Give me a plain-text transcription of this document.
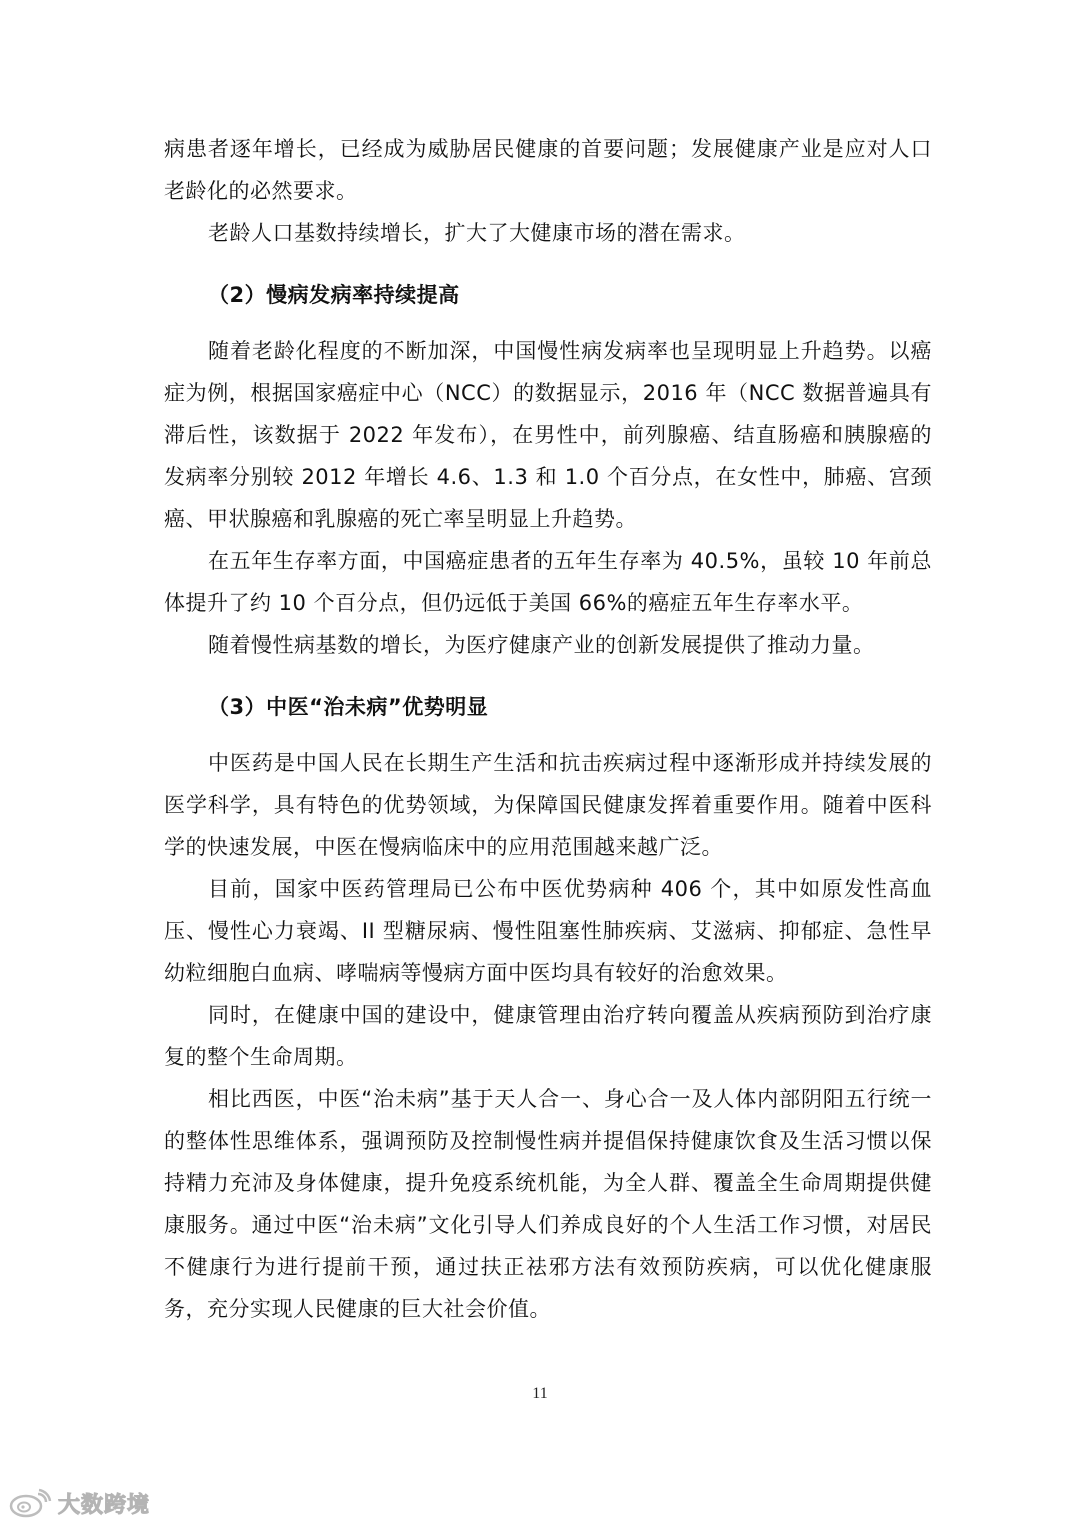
病患者逐年增长，已经成为威胁居民健康的首要问题；发展健康产业是应对人口老龄化的必然要求。

老龄人口基数持续增长，扩大了大健康市场的潜在需求。

（2）慢病发病率持续提高

随着老龄化程度的不断加深，中国慢性病发病率也呈现明显上升趋势。以癌症为例，根据国家癌症中心（NCC）的数据显示，2016 年（NCC 数据普遍具有滞后性，该数据于 2022 年发布），在男性中，前列腺癌、结直肠癌和胰腺癌的发病率分别较 2012 年增长 4.6、1.3 和 1.0 个百分点，在女性中，肺癌、宫颈癌、甲状腺癌和乳腺癌的死亡率呈明显上升趋势。

在五年生存率方面，中国癌症患者的五年生存率为 40.5%，虽较 10 年前总体提升了约 10 个百分点，但仍远低于美国 66%的癌症五年生存率水平。

随着慢性病基数的增长，为医疗健康产业的创新发展提供了推动力量。

（3）中医“治未病”优势明显

中医药是中国人民在长期生产生活和抗击疾病过程中逐渐形成并持续发展的医学科学，具有特色的优势领域，为保障国民健康发挥着重要作用。随着中医科学的快速发展，中医在慢病临床中的应用范围越来越广泛。

目前，国家中医药管理局已公布中医优势病种 406 个，其中如原发性高血压、慢性心力衰竭、II 型糖尿病、慢性阻塞性肺疾病、艾滋病、抑郁症、急性早幼粒细胞白血病、哮喘病等慢病方面中医均具有较好的治愈效果。

同时，在健康中国的建设中，健康管理由治疗转向覆盖从疾病预防到治疗康复的整个生命周期。

相比西医，中医“治未病”基于天人合一、身心合一及人体内部阴阳五行统一的整体性思维体系，强调预防及控制慢性病并提倡保持健康饮食及生活习惯以保持精力充沛及身体健康，提升免疫系统机能，为全人群、覆盖全生命周期提供健康服务。通过中医“治未病”文化引导人们养成良好的个人生活工作习惯，对居民不健康行为进行提前干预，通过扶正祛邪方法有效预防疾病，可以优化健康服务，充分实现人民健康的巨大社会价值。

11
大数跨境
